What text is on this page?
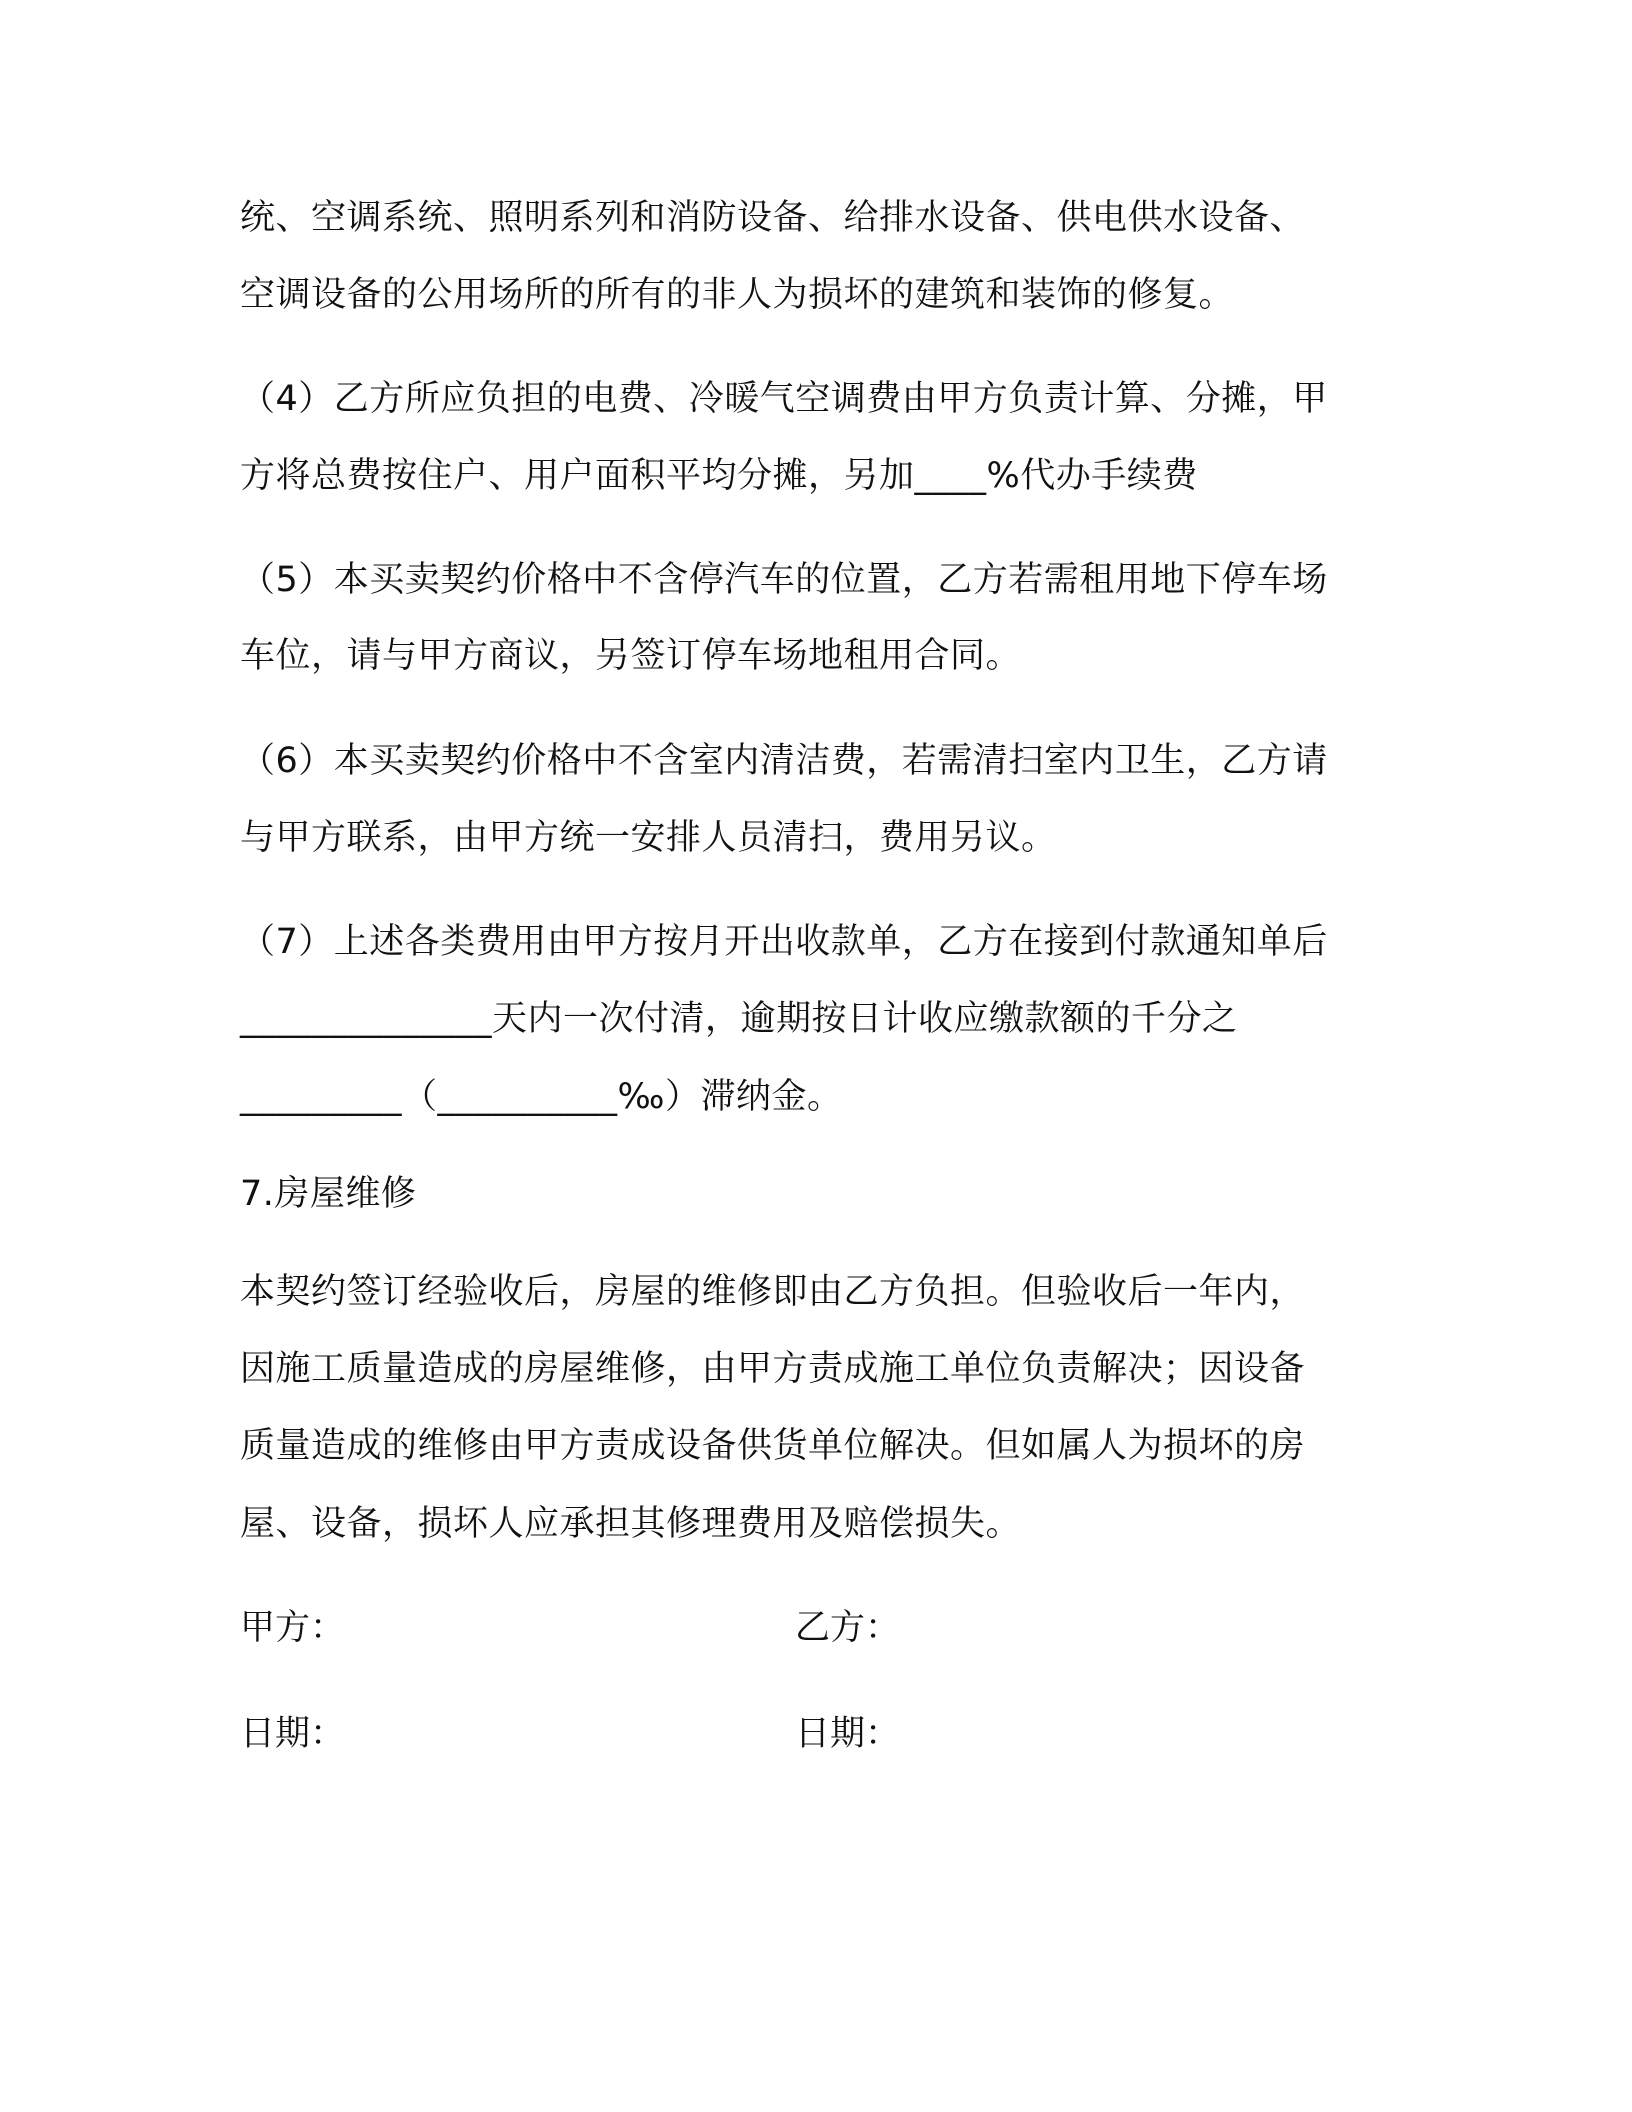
统、空调系统、照明系列和消防设备、给排水设备、供电供水设备、
空调设备的公用场所的所有的非人为损坏的建筑和装饰的修复。
（4）乙方所应负担的电费、冷暖气空调费由甲方负责计算、分摊，甲
方将总费按住户、用户面积平均分摊，另加____%代办手续费
（5）本买卖契约价格中不含停汽车的位置，乙方若需租用地下停车场
车位，请与甲方商议，另签订停车场地租用合同。
（6）本买卖契约价格中不含室内清洁费，若需清扫室内卫生，乙方请
与甲方联系，由甲方统一安排人员清扫，费用另议。
（7）上述各类费用由甲方按月开出收款单，乙方在接到付款通知单后
______________天内一次付清，逾期按日计收应缴款额的千分之
_________（__________‰）滞纳金。
7.房屋维修
本契约签订经验收后，房屋的维修即由乙方负担。但验收后一年内，
因施工质量造成的房屋维修，由甲方责成施工单位负责解决；因设备
质量造成的维修由甲方责成设备供货单位解决。但如属人为损坏的房
屋、设备，损坏人应承担其修理费用及赔偿损失。
甲方：	乙方：
日期：	日期：
